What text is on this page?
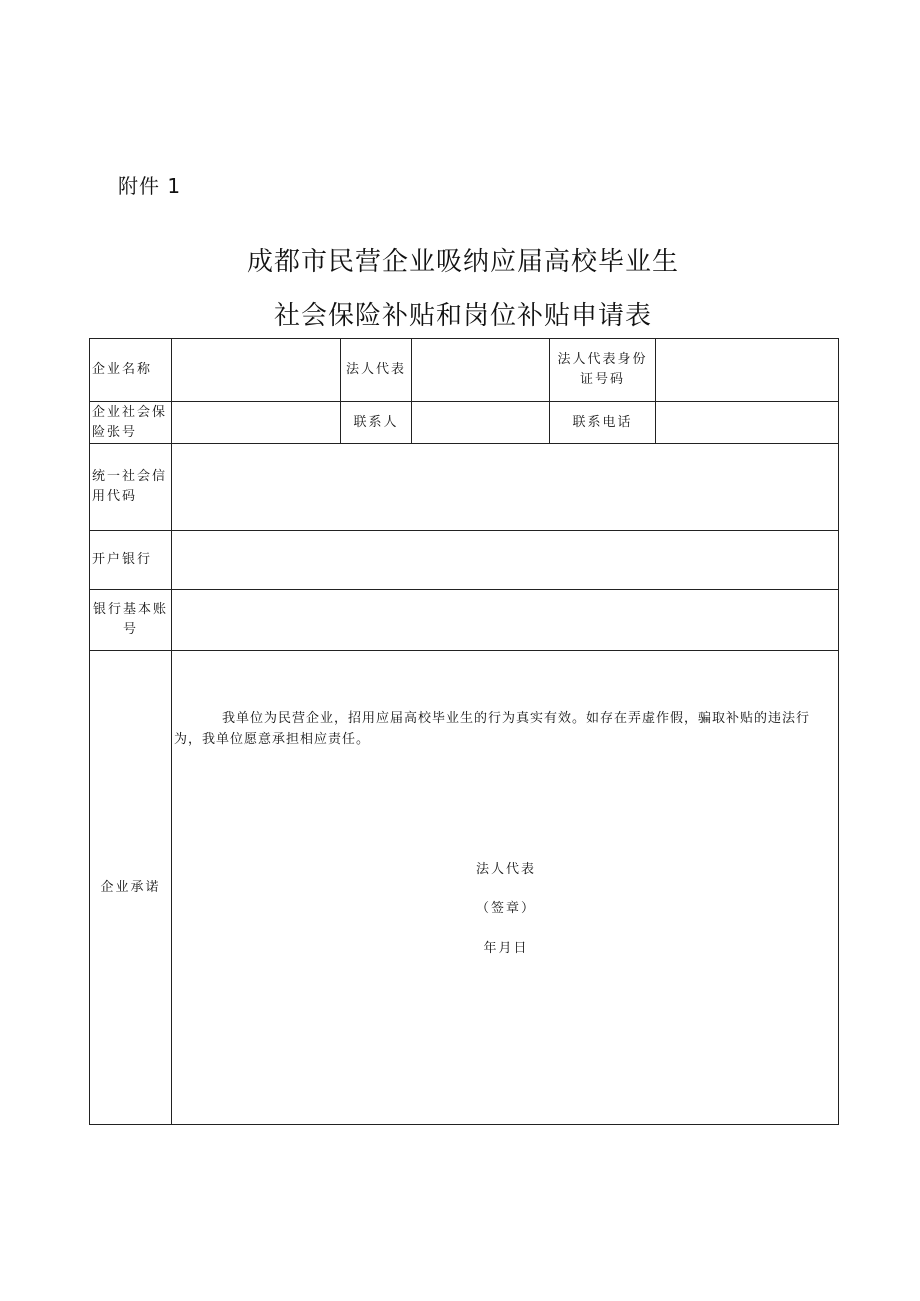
附件 1
成都市民营企业吸纳应届高校毕业生
社会保险补贴和岗位补贴申请表
企业名称		法人代表		法人代表身份证号码	
企业社会保险张号		联系人		联系电话	
统一社会信用代码					
开户银行					
银行基本账号					
企业承诺	我单位为民营企业，招用应届高校毕业生的行为真实有效。如存在弄虚作假，骗取补贴的违法行为，我单位愿意承担相应责任。
法人代表
（签章）
年月日				
